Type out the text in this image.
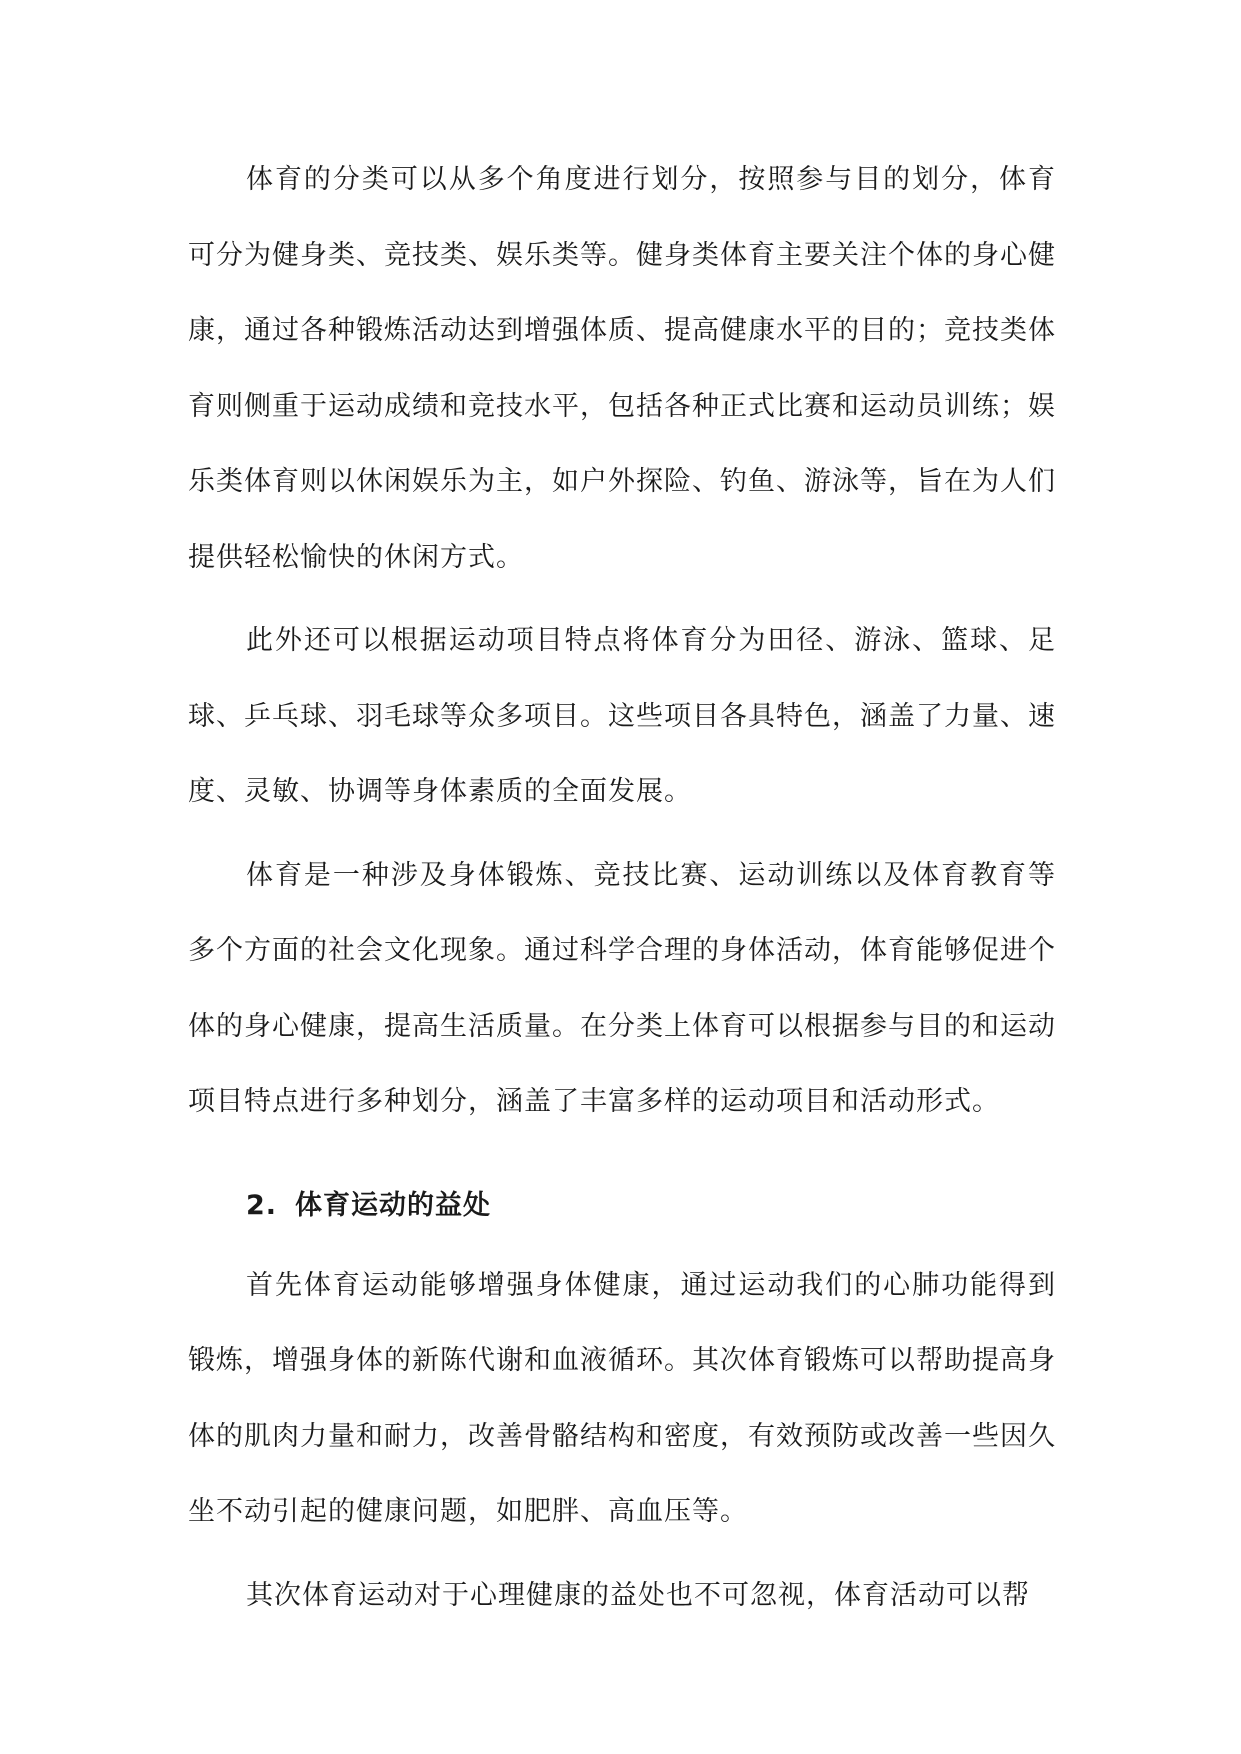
体育的分类可以从多个角度进行划分，按照参与目的划分，体育可分为健身类、竞技类、娱乐类等。健身类体育主要关注个体的身心健康，通过各种锻炼活动达到增强体质、提高健康水平的目的；竞技类体育则侧重于运动成绩和竞技水平，包括各种正式比赛和运动员训练；娱乐类体育则以休闲娱乐为主，如户外探险、钓鱼、游泳等，旨在为人们提供轻松愉快的休闲方式。

此外还可以根据运动项目特点将体育分为田径、游泳、篮球、足球、乒乓球、羽毛球等众多项目。这些项目各具特色，涵盖了力量、速度、灵敏、协调等身体素质的全面发展。

体育是一种涉及身体锻炼、竞技比赛、运动训练以及体育教育等多个方面的社会文化现象。通过科学合理的身体活动，体育能够促进个体的身心健康，提高生活质量。在分类上体育可以根据参与目的和运动项目特点进行多种划分，涵盖了丰富多样的运动项目和活动形式。

2. 体育运动的益处

首先体育运动能够增强身体健康，通过运动我们的心肺功能得到锻炼，增强身体的新陈代谢和血液循环。其次体育锻炼可以帮助提高身体的肌肉力量和耐力，改善骨骼结构和密度，有效预防或改善一些因久坐不动引起的健康问题，如肥胖、高血压等。

其次体育运动对于心理健康的益处也不可忽视，体育活动可以帮
